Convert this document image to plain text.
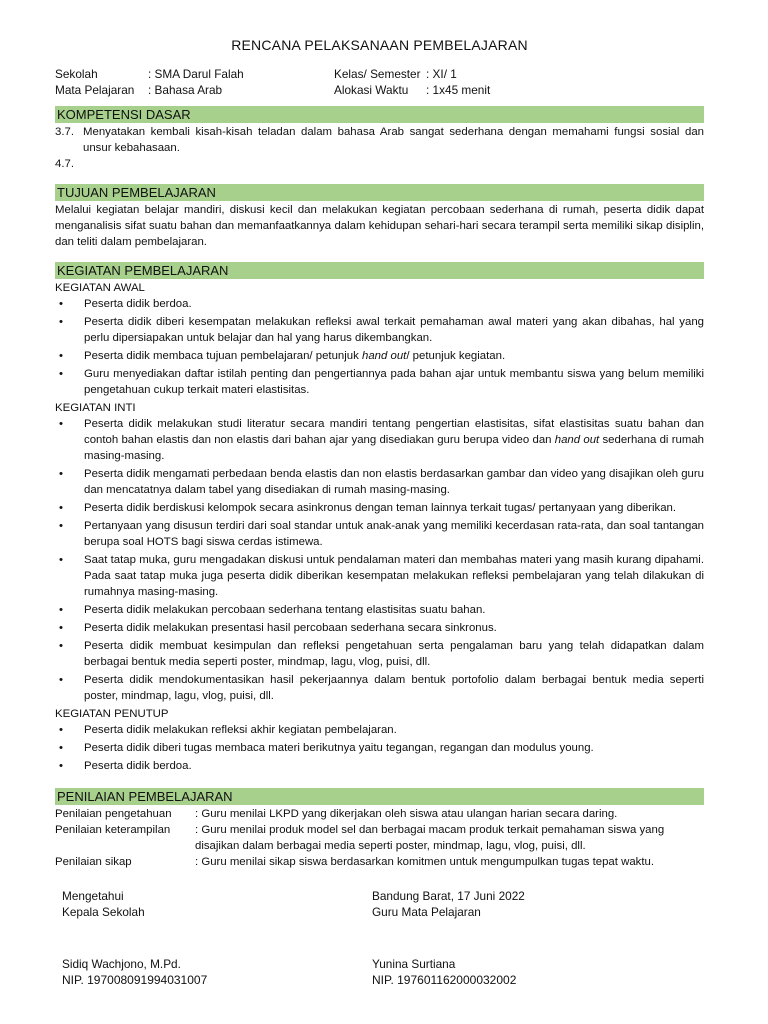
RENCANA PELAKSANAAN PEMBELAJARAN
Sekolah	: SMA Darul Falah	Kelas/ Semester : XI/ 1
Mata Pelajaran	: Bahasa Arab	Alokasi Waktu	: 1x45 menit
KOMPETENSI DASAR
3.7. Menyatakan kembali kisah-kisah teladan dalam bahasa Arab sangat sederhana dengan memahami fungsi sosial dan unsur kebahasaan.
4.7.
TUJUAN PEMBELAJARAN

Melalui kegiatan belajar mandiri, diskusi kecil dan melakukan kegiatan percobaan sederhana di rumah, peserta didik dapat menganalisis sifat suatu bahan dan memanfaatkannya dalam kehidupan sehari-hari secara terampil serta memiliki sikap disiplin, dan teliti dalam pembelajaran.

KEGIATAN PEMBELAJARAN
KEGIATAN AWAL
• Peserta didik berdoa.
• Peserta didik diberi kesempatan melakukan refleksi awal terkait pemahaman awal materi yang akan dibahas, hal yang perlu dipersiapakan untuk belajar dan hal yang harus dikembangkan.
• Peserta didik membaca tujuan pembelajaran/ petunjuk hand out/ petunjuk kegiatan.
• Guru menyediakan daftar istilah penting dan pengertiannya pada bahan ajar untuk membantu siswa yang belum memiliki pengetahuan cukup terkait materi elastisitas.
KEGIATAN INTI
• Peserta didik melakukan studi literatur secara mandiri tentang pengertian elastisitas, sifat elastisitas suatu bahan dan contoh bahan elastis dan non elastis dari bahan ajar yang disediakan guru berupa video dan hand out sederhana di rumah masing-masing.
• Peserta didik mengamati perbedaan benda elastis dan non elastis berdasarkan gambar dan video yang disajikan oleh guru dan mencatatnya dalam tabel yang disediakan di rumah masing-masing.
• Peserta didik berdiskusi kelompok secara asinkronus dengan teman lainnya terkait tugas/ pertanyaan yang diberikan.
• Pertanyaan yang disusun terdiri dari soal standar untuk anak-anak yang memiliki kecerdasan rata-rata, dan soal tantangan berupa soal HOTS bagi siswa cerdas istimewa.
• Saat tatap muka, guru mengadakan diskusi untuk pendalaman materi dan membahas materi yang masih kurang dipahami. Pada saat tatap muka juga peserta didik diberikan kesempatan melakukan refleksi pembelajaran yang telah dilakukan di rumahnya masing-masing.
• Peserta didik melakukan percobaan sederhana tentang elastisitas suatu bahan.
• Peserta didik melakukan presentasi hasil percobaan sederhana secara sinkronus.
• Peserta didik membuat kesimpulan dan refleksi pengetahuan serta pengalaman baru yang telah didapatkan dalam berbagai bentuk media seperti poster, mindmap, lagu, vlog, puisi, dll.
• Peserta didik mendokumentasikan hasil pekerjaannya dalam bentuk portofolio dalam berbagai bentuk media seperti poster, mindmap, lagu, vlog, puisi, dll.
KEGIATAN PENUTUP
• Peserta didik melakukan refleksi akhir kegiatan pembelajaran.
• Peserta didik diberi tugas membaca materi berikutnya yaitu tegangan, regangan dan modulus young.
• Peserta didik berdoa.
PENILAIAN PEMBELAJARAN
Penilaian pengetahuan	: Guru menilai LKPD yang dikerjakan oleh siswa atau ulangan harian secara daring.
Penilaian keterampilan	: Guru menilai produk model sel dan berbagai macam produk terkait pemahaman siswa yang disajikan dalam berbagai media seperti poster, mindmap, lagu, vlog, puisi, dll.
Penilaian sikap	: Guru menilai sikap siswa berdasarkan komitmen untuk mengumpulkan tugas tepat waktu.
Mengetahui	Bandung Barat, 17 Juni 2022
Kepala Sekolah	Guru Mata Pelajaran
Sidiq Wachjono, M.Pd.	Yunina Surtiana
NIP. 197008091994031007	NIP. 197601162000032002
